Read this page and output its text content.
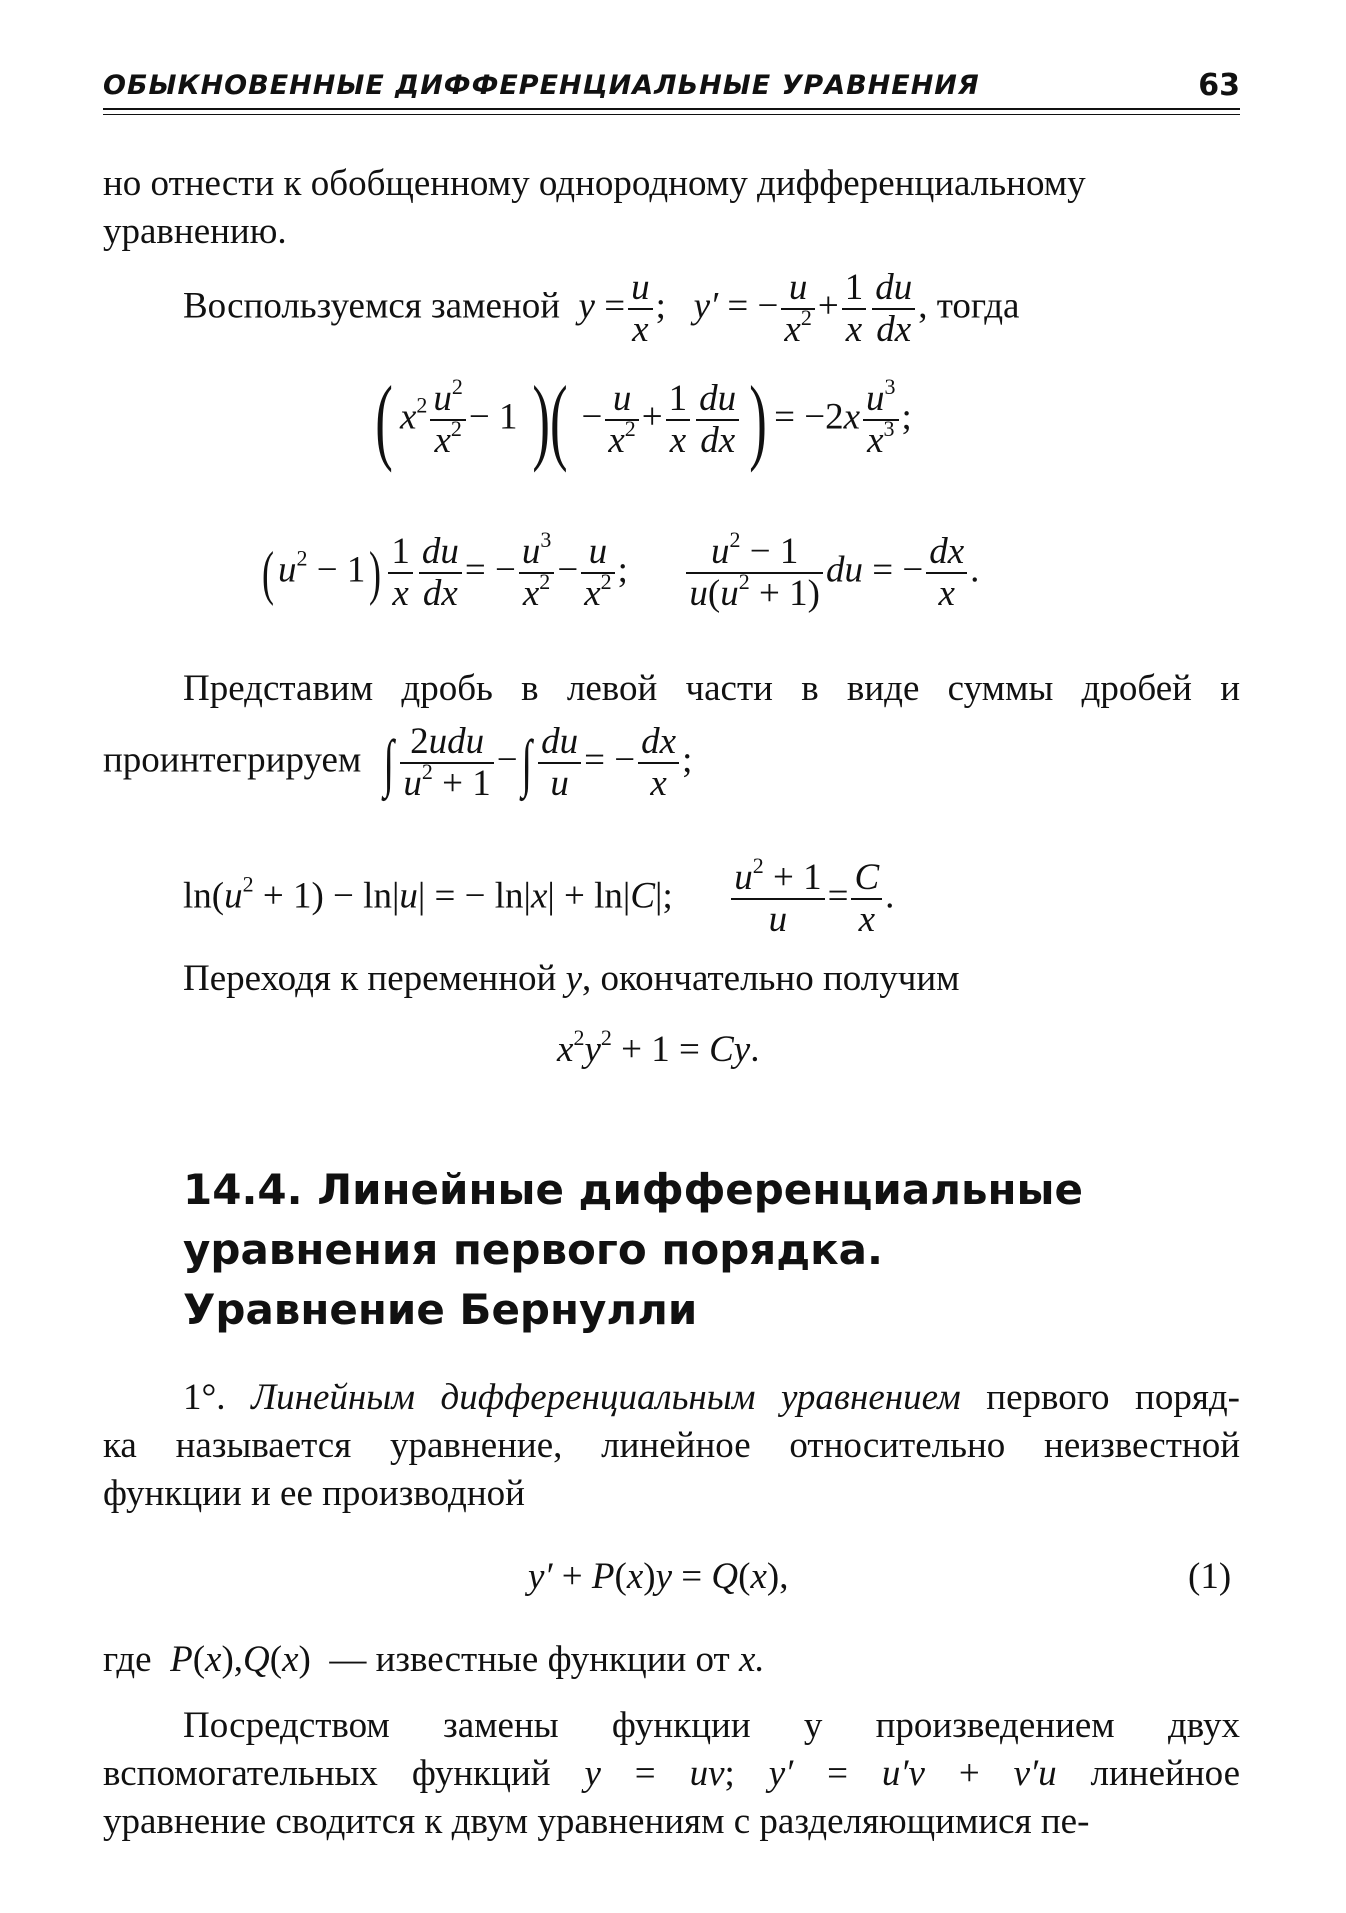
ОБЫКНОВЕННЫЕ ДИФФЕРЕНЦИАЛЬНЫЕ УРАВНЕНИЯ	63
но отнести к обобщенному однородному дифференциальному
уравнению.
Воспользуемся заменой  $y = \frac{u}{x}$ ;   y′ = − $\frac{u}{x^2} + \frac{1}{x} \frac{du}{dx}$ , тогда
( $x^2 \frac{u^2}{x^2} - 1$ )( − $\frac{u}{x^2} + \frac{1}{x} \frac{du}{dx}$ ) = $-2x \frac{u^3}{x^3}$ ;
( $u^2 - 1) \frac{1}{x} \frac{du}{dx}$ = − $\frac{u^3}{x^2} - \frac{u}{x^2}$ ; $\frac{u^2 - 1}{u(u^2 + 1)}$ du = − $\frac{dx}{x}$ .
Представим дробь в левой части в виде суммы дробей и
проинтегрируем ∫ $\frac{\text{2udu}}{u^2 + 1}$ −∫ $\frac{du}{u}$ = − $\frac{dx}{x}$ ;
$\ln(u^2 + 1) - \ln|u|$ = − ln|x| + ln|C|; $\frac{u^2 + 1}{u} = \frac{C}{x}$ .
Переходя к переменной y, окончательно получим
$x^2y^2 + 1 = Cy$.
14.4. Линейные дифференциальные
уравнения первого порядка.
Уравнение Бернулли
1°. Линейным дифференциальным уравнением первого поряд-
ка называется уравнение, линейное относительно неизвестной
функции и ее производной
y′ + P(x)y = Q(x),	(1)
где  P(x),Q(x)  — известные функции от x.
Посредством замены функции y произведением двух
вспомогательных функций y = uv; y′ = u′v + v′u линейное
уравнение сводится к двум уравнениям с разделяющимися пе-
